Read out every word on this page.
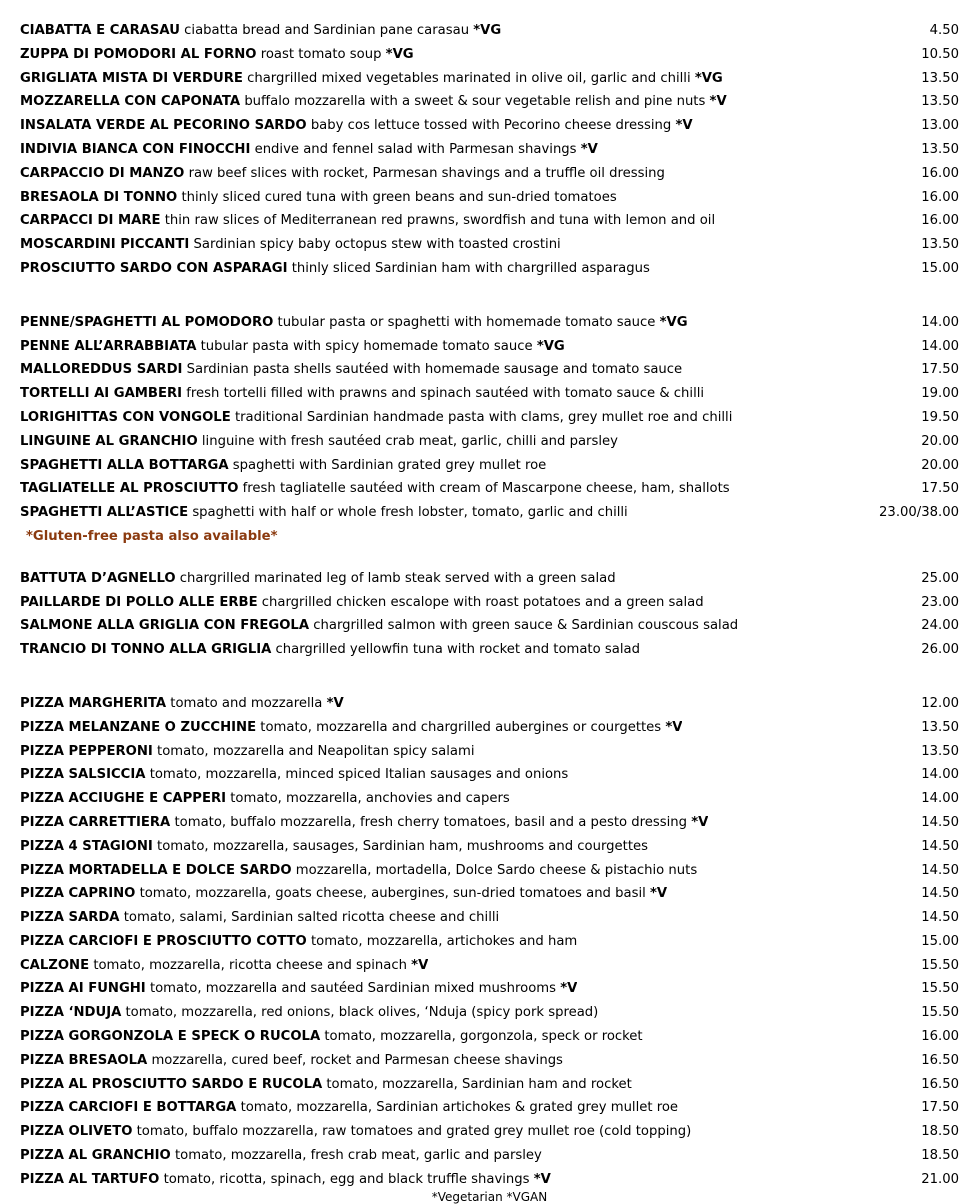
CIABATTA E CARASAU ciabatta bread and Sardinian pane carasau *VG	4.50
ZUPPA DI POMODORI AL FORNO roast tomato soup *VG	10.50
GRIGLIATA MISTA DI VERDURE chargrilled mixed vegetables marinated in olive oil, garlic and chilli *VG	13.50
MOZZARELLA CON CAPONATA buffalo mozzarella with a sweet & sour vegetable relish and pine nuts *V	13.50
INSALATA VERDE AL PECORINO SARDO baby cos lettuce tossed with Pecorino cheese dressing *V	13.00
INDIVIA BIANCA CON FINOCCHI endive and fennel salad with Parmesan shavings *V	13.50
CARPACCIO DI MANZO raw beef slices with rocket, Parmesan shavings and a truffle oil dressing	16.00
BRESAOLA DI TONNO thinly sliced cured tuna with green beans and sun-dried tomatoes	16.00
CARPACCI DI MARE thin raw slices of Mediterranean red prawns, swordfish and tuna with lemon and oil	16.00
MOSCARDINI PICCANTI Sardinian spicy baby octopus stew with toasted crostini	13.50
PROSCIUTTO SARDO CON ASPARAGI thinly sliced Sardinian ham with chargrilled asparagus	15.00
PENNE/SPAGHETTI AL POMODORO tubular pasta or spaghetti with homemade tomato sauce *VG	14.00
PENNE ALL’ARRABBIATA tubular pasta with spicy homemade tomato sauce *VG	14.00
MALLOREDDUS SARDI Sardinian pasta shells sautéed with homemade sausage and tomato sauce	17.50
TORTELLI AI GAMBERI fresh tortelli filled with prawns and spinach sautéed with tomato sauce & chilli	19.00
LORIGHITTAS CON VONGOLE traditional Sardinian handmade pasta with clams, grey mullet roe and chilli	19.50
LINGUINE AL GRANCHIO linguine with fresh sautéed crab meat, garlic, chilli and parsley	20.00
SPAGHETTI ALLA BOTTARGA spaghetti with Sardinian grated grey mullet roe	20.00
TAGLIATELLE AL PROSCIUTTO fresh tagliatelle sautéed with cream of Mascarpone cheese, ham, shallots	17.50
SPAGHETTI ALL’ASTICE spaghetti with half or whole fresh lobster, tomato, garlic and chilli	23.00/38.00
*Gluten-free pasta also available*
BATTUTA D’AGNELLO chargrilled marinated leg of lamb steak served with a green salad	25.00
PAILLARDE DI POLLO ALLE ERBE chargrilled chicken escalope with roast potatoes and a green salad	23.00
SALMONE ALLA GRIGLIA CON FREGOLA chargrilled salmon with green sauce & Sardinian couscous salad	24.00
TRANCIO DI TONNO ALLA GRIGLIA chargrilled yellowfin tuna with rocket and tomato salad	26.00
PIZZA MARGHERITA tomato and mozzarella *V	12.00
PIZZA MELANZANE O ZUCCHINE tomato, mozzarella and chargrilled aubergines or courgettes *V	13.50
PIZZA PEPPERONI tomato, mozzarella and Neapolitan spicy salami	13.50
PIZZA SALSICCIA tomato, mozzarella, minced spiced Italian sausages and onions	14.00
PIZZA ACCIUGHE E CAPPERI tomato, mozzarella, anchovies and capers	14.00
PIZZA CARRETTIERA tomato, buffalo mozzarella, fresh cherry tomatoes, basil and a pesto dressing *V	14.50
PIZZA 4 STAGIONI tomato, mozzarella, sausages, Sardinian ham, mushrooms and courgettes	14.50
PIZZA MORTADELLA E DOLCE SARDO mozzarella, mortadella, Dolce Sardo cheese & pistachio nuts	14.50
PIZZA CAPRINO tomato, mozzarella, goats cheese, aubergines, sun-dried tomatoes and basil *V	14.50
PIZZA SARDA tomato, salami, Sardinian salted ricotta cheese and chilli	14.50
PIZZA CARCIOFI E PROSCIUTTO COTTO tomato, mozzarella, artichokes and ham	15.00
CALZONE tomato, mozzarella, ricotta cheese and spinach *V	15.50
PIZZA AI FUNGHI tomato, mozzarella and sautéed Sardinian mixed mushrooms *V	15.50
PIZZA ‘NDUJA tomato, mozzarella, red onions, black olives, ‘Nduja (spicy pork spread)	15.50
PIZZA GORGONZOLA E SPECK O RUCOLA tomato, mozzarella, gorgonzola, speck or rocket	16.00
PIZZA BRESAOLA mozzarella, cured beef, rocket and Parmesan cheese shavings	16.50
PIZZA AL PROSCIUTTO SARDO E RUCOLA tomato, mozzarella, Sardinian ham and rocket	16.50
PIZZA CARCIOFI E BOTTARGA tomato, mozzarella, Sardinian artichokes & grated grey mullet roe	17.50
PIZZA OLIVETO tomato, buffalo mozzarella, raw tomatoes and grated grey mullet roe (cold topping)	18.50
PIZZA AL GRANCHIO tomato, mozzarella, fresh crab meat, garlic and parsley	18.50
PIZZA AL TARTUFO tomato, ricotta, spinach, egg and black truffle shavings *V	21.00
*Vegetarian *VGAN
